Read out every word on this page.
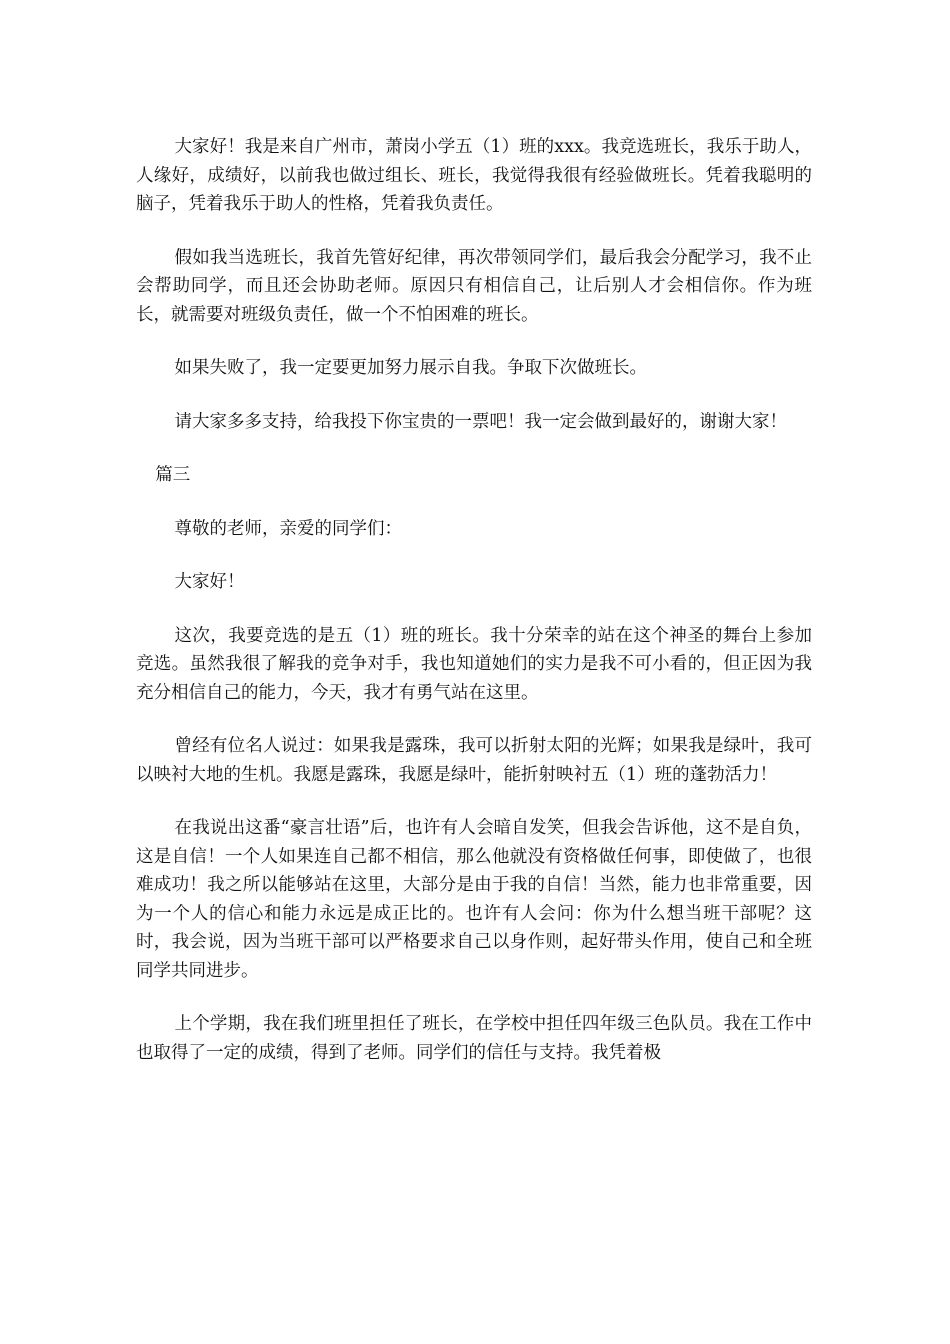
大家好！我是来自广州市，萧岗小学五（1）班的xxx。我竞选班长，我乐于助人，人缘好，成绩好，以前我也做过组长、班长，我觉得我很有经验做班长。凭着我聪明的脑子，凭着我乐于助人的性格，凭着我负责任。

假如我当选班长，我首先管好纪律，再次带领同学们，最后我会分配学习，我不止会帮助同学，而且还会协助老师。原因只有相信自己，让后别人才会相信你。作为班长，就需要对班级负责任，做一个不怕困难的班长。

如果失败了，我一定要更加努力展示自我。争取下次做班长。

请大家多多支持，给我投下你宝贵的一票吧！我一定会做到最好的，谢谢大家！

篇三

尊敬的老师，亲爱的同学们：

大家好！

这次，我要竞选的是五（1）班的班长。我十分荣幸的站在这个神圣的舞台上参加竞选。虽然我很了解我的竞争对手，我也知道她们的实力是我不可小看的，但正因为我充分相信自己的能力，今天，我才有勇气站在这里。

曾经有位名人说过：如果我是露珠，我可以折射太阳的光辉；如果我是绿叶，我可以映衬大地的生机。我愿是露珠，我愿是绿叶，能折射映衬五（1）班的蓬勃活力！

在我说出这番“豪言壮语”后，也许有人会暗自发笑，但我会告诉他，这不是自负，这是自信！一个人如果连自己都不相信，那么他就没有资格做任何事，即使做了，也很难成功！我之所以能够站在这里，大部分是由于我的自信！当然，能力也非常重要，因为一个人的信心和能力永远是成正比的。也许有人会问：你为什么想当班干部呢？这时，我会说，因为当班干部可以严格要求自己以身作则，起好带头作用，使自己和全班同学共同进步。

上个学期，我在我们班里担任了班长，在学校中担任四年级三色队员。我在工作中也取得了一定的成绩，得到了老师。同学们的信任与支持。我凭着极
